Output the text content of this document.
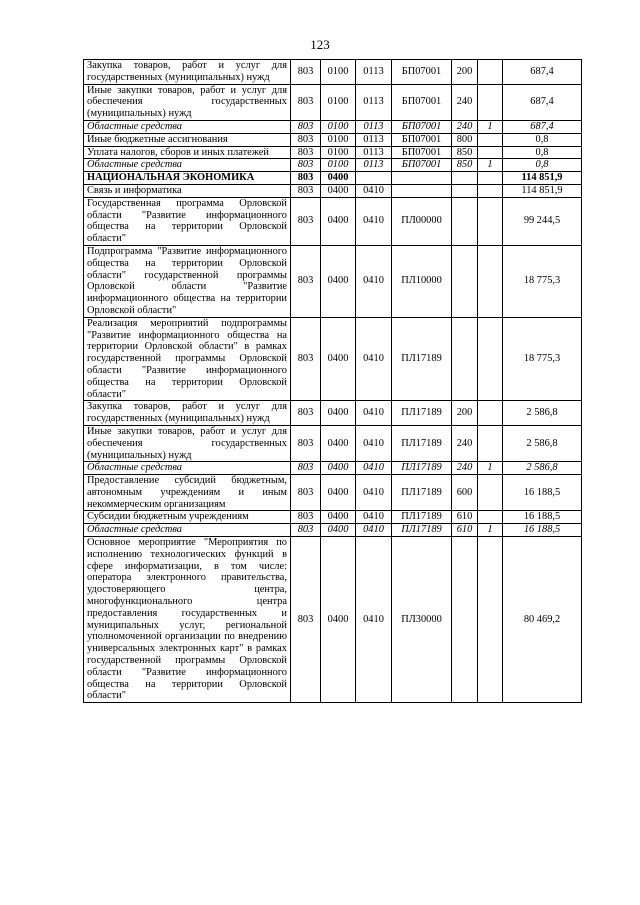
123
Закупка товаров, работ и услуг для государственных (муниципальных) нужд	803	0100	0113	БП07001	200		687,4
Иные закупки товаров, работ и услуг для обеспечения государственных (муниципальных) нужд	803	0100	0113	БП07001	240		687,4
Областные средства	803	0100	0113	БП07001	240	1	687,4
Иные бюджетные ассигнования	803	0100	0113	БП07001	800		0,8
Уплата налогов, сборов и иных платежей	803	0100	0113	БП07001	850		0,8
Областные средства	803	0100	0113	БП07001	850	1	0,8
НАЦИОНАЛЬНАЯ ЭКОНОМИКА	803	0400					114 851,9
Связь и информатика	803	0400	0410				114 851,9
Государственная программа Орловской области "Развитие информационного общества на территории Орловской области"	803	0400	0410	ПЛ00000			99 244,5
Подпрограмма "Развитие информационного общества на территории Орловской области" государственной программы Орловской области "Развитие информационного общества на территории Орловской области"	803	0400	0410	ПЛ10000			18 775,3
Реализация мероприятий подпрограммы "Развитие информационного общества на территории Орловской области" в рамках государственной программы Орловской области "Развитие информационного общества на территории Орловской области"	803	0400	0410	ПЛ17189			18 775,3
Закупка товаров, работ и услуг для государственных (муниципальных) нужд	803	0400	0410	ПЛ17189	200		2 586,8
Иные закупки товаров, работ и услуг для обеспечения государственных (муниципальных) нужд	803	0400	0410	ПЛ17189	240		2 586,8
Областные средства	803	0400	0410	ПЛ17189	240	1	2 586,8
Предоставление субсидий бюджетным, автономным учреждениям и иным некоммерческим организациям	803	0400	0410	ПЛ17189	600		16 188,5
Субсидии бюджетным учреждениям	803	0400	0410	ПЛ17189	610		16 188,5
Областные средства	803	0400	0410	ПЛ17189	610	1	16 188,5
Основное мероприятие "Мероприятия по исполнению технологических функций в сфере информатизации, в том числе: оператора электронного правительства, удостоверяющего центра, многофункционального центра предоставления государственных и муниципальных услуг, региональной уполномоченной организации по внедрению универсальных электронных карт" в рамках государственной программы Орловской области "Развитие информационного общества на территории Орловской области"	803	0400	0410	ПЛ30000			80 469,2
